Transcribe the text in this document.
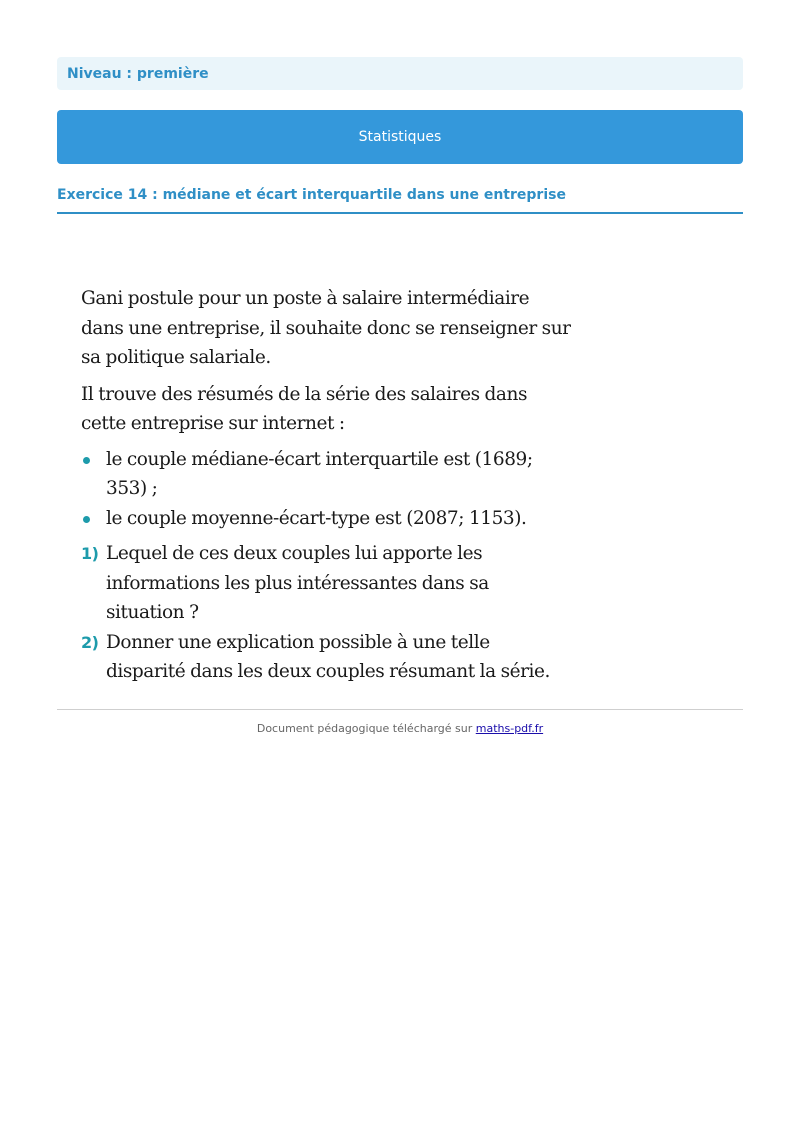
Niveau : première
Statistiques
Exercice 14 : médiane et écart interquartile dans une entreprise

Gani postule pour un poste à salaire intermédiaire dans une entreprise, il souhaite donc se renseigner sur sa politique salariale.

Il trouve des résumés de la série des salaires dans cette entreprise sur internet :

le couple médiane-écart interquartile est (1689; 353) ;
le couple moyenne-écart-type est (2087; 1153).
1) Lequel de ces deux couples lui apporte les informations les plus intéressantes dans sa situation ?
2) Donner une explication possible à une telle disparité dans les deux couples résumant la série.
Document pédagogique téléchargé sur maths-pdf.fr
